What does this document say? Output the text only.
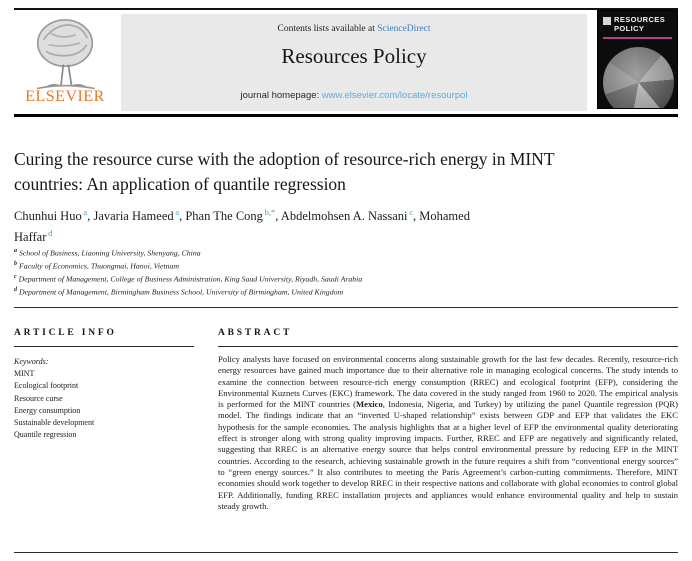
ELSEVIER
Contents lists available at ScienceDirect
Resources Policy
journal homepage: www.elsevier.com/locate/resourpol
RESOURCES
POLICY
Curing the resource curse with the adoption of resource-rich energy in MINT countries: An application of quantile regression
Chunhui Huo $^a$, Javaria Hameed $^a$, Phan The Cong $^{b,*}$, Abdelmohsen A. Nassani $^c$, Mohamed Haffar $^d$
$^a$ School of Business, Liaoning University, Shenyang, China
$^b$ Faculty of Economics, Thuongmai, Hanoi, Vietnam
$^c$ Department of Management, College of Business Administration, King Saud University, Riyadh, Saudi Arabia
$^d$ Department of Management, Birmingham Business School, University of Birmingham, United Kingdom
ARTICLE INFO	ABSTRACT
Keywords:
MINT
Ecological footprint
Resource curse
Energy consumption
Sustainable development
Quantile regression
Policy analysts have focused on environmental concerns along sustainable growth for the last few decades. Recently, resource-rich energy resources have gained much importance due to their alternative role in managing ecological concerns. The study intends to examine the connection between resource-rich energy consumption (RREC) and ecological footprint (EFP), considering the Environmental Kuznets Curves (EKC) framework. The data covered in the study ranged from 1960 to 2020. The empirical analysis is performed for the MINT countries (Mexico, Indonesia, Nigeria, and Turkey) by utilizing the panel Quantile regression (PQR) model. The findings indicate that an “inverted U-shaped relationship” exists between GDP and EFP that validates the EKC hypothesis for the sample economies. The analysis highlights that at a higher level of EFP the environmental quality deteriorating effect is stronger along with strong quality improving impacts. Further, RREC and EFP are negatively and significantly related, suggesting that RREC is an alternative energy source that helps control environmental pressure by reducing EFP in the MINT countries. According to the research, achieving sustainable growth in the future requires a shift from “conventional energy sources” to “green energy sources.” It also contributes to meeting the Paris Agreement’s carbon-cutting commitments. Therefore, MINT economies should work together to develop RREC in their respective nations and collaborate with global economies to control global EFP. Additionally, funding RREC installation projects and appliances would enhance environmental quality and help to sustain steady growth.
